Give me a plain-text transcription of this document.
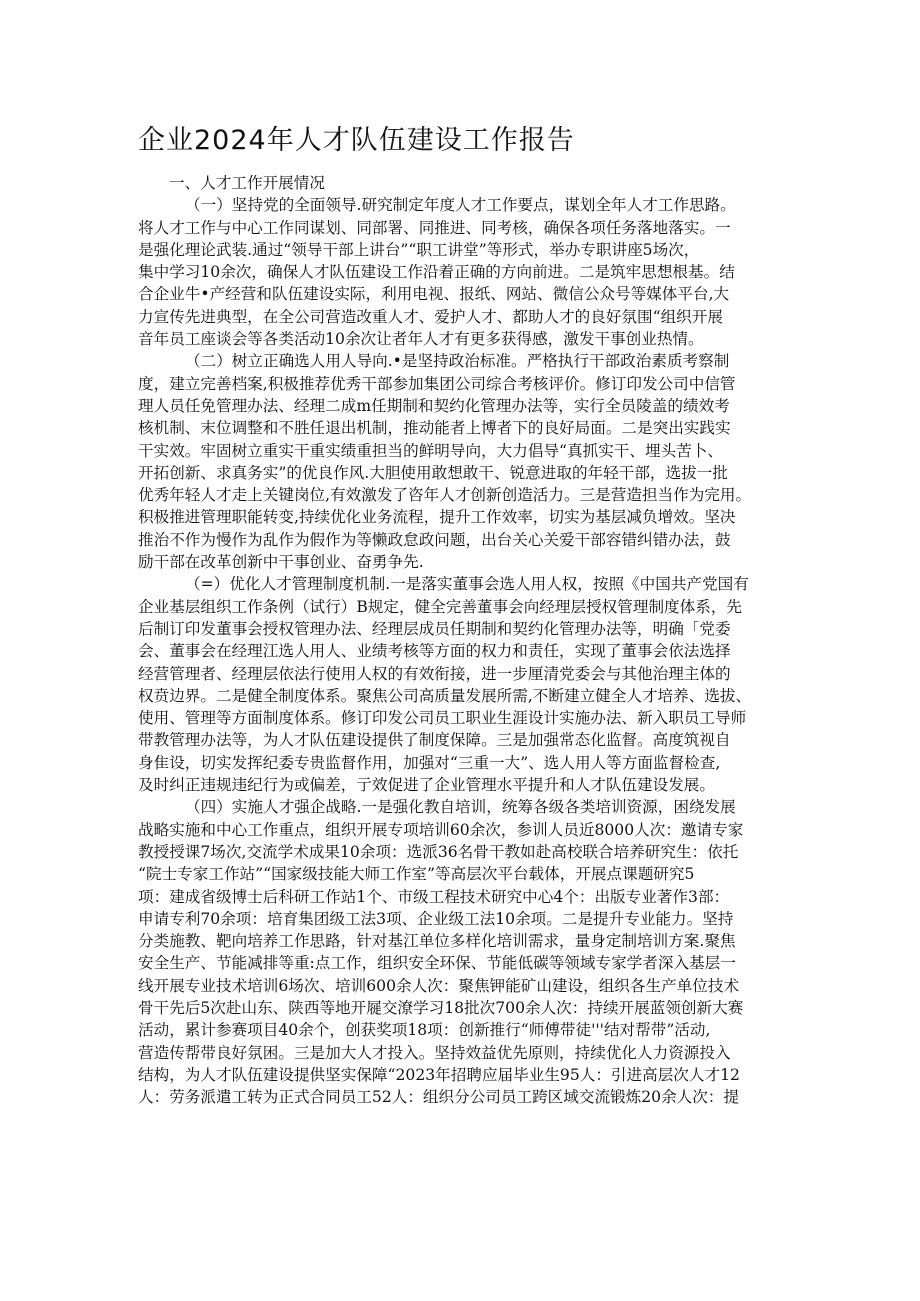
企业2024年人才队伍建设工作报告
一、人才工作开展情况
（一）坚持党的全面领导.研究制定年度人才工作要点，谋划全年人才工作思路。
将人才工作与中心工作同谋划、同部署、同推进、同考核，确保各项任务落地落实。一
是强化理论武装.通过“领导干部上讲台”“职工讲堂”等形式，举办专职讲座5场次，
集中学习10余次，确保人才队伍建设工作沿着正确的方向前进。二是筑牢思想根基。结
合企业牛•产经营和队伍建设实际，利用电视、报纸、网站、微信公众号等媒体平台,大
力宣传先进典型，在全公司营造改重人才、爱护人才、都助人才的良好氛围“组织开展
音年员工座谈会等各类活动10余次让者年人才有更多获得感，激发干事创业热情。
（二）树立正确选人用人导向.•是坚持政治标准。严格执行干部政治素质考察制
度，建立完善档案,积极推荐优秀干部参加集团公司综合考核评价。修订印发公司中信管
理人员任免管理办法、经理二成m任期制和契约化管理办法等，实行全员陵盖的绩效考
核机制、末位调整和不胜任退出机制，推动能者上博者下的良好局面。二是突出实践实
干实效。牢固树立重实干重实绩重担当的鲜明导向，大力倡导“真抓实干、埋头苦卜、
开拓创新、求真务实”的优良作风.大胆使用敢想敢干、锐意进取的年轻干部，选拔一批
优秀年轻人才走上关键岗位,有效激发了咨年人才创新创造活力。三是营造担当作为完用。
积极推进管理职能转变,持续优化业务流程，提升工作效率，切实为基层减负增效。坚决
推治不作为慢作为乱作为假作为等懒政怠政问题，出台关心关爱干部容错纠错办法，鼓
励干部在改革创新中干事创业、奋勇争先.
（=）优化人才管理制度机制.一是落实董事会选人用人权，按照《中国共产党国有
企业基层组织工作条例（试行）B规定，健全完善董事会向经理层授权管理制度体系，先
后制订印发董事会授权管理办法、经理层成员任期制和契约化管理办法等，明确「党委
会、董事会在经理江选人用人、业绩考核等方面的权力和责任，实现了董事会依法选择
经营管理者、经理层依法行使用人权的有效衔接，进一步厘清党委会与其他治理主体的
权贲边界。二是健全制度体系。聚焦公司高质量发展所需,不断建立健全人才培养、选拔、
使用、管理等方面制度体系。修订印发公司员工职业生涯设计实施办法、新入职员工导师
带教管理办法等，为人才队伍建设提供了制度保障。三是加强常态化监督。高度筑视自
身隹设，切实发挥纪委专贵监督作用，加强对“三重一大”、选人用人等方面监督检查,
及时纠正违规违纪行为或偏差，亍效促进了企业管理水平提升和人才队伍建设发展。
（四）实施人才强企战略.一是强化教自培训，统筹各级各类培训资源，困绕发展
战略实施和中心工作重点，组织开展专项培训60余次，参训人员近8000人次：邀请专家
教授授课7场次,交流学术成果10余项：选派36名骨干教如赴高校联合培养研究生：依托
“院士专家工作站”“国家级技能大师工作室”等高层次平台载体，开展点课题研究5
项：建成省级博士后科研工作站1个、市级工程技术研究中心4个：出版专业著作3部：
申请专利70余项：培育集团级工法3项、企业级工法10余项。二是提升专业能力。坚持
分类施教、靶向培养工作思路，针对基江单位多样化培训需求，量身定制培训方案.聚焦
安全生产、节能减排等重:点工作，组织安全环保、节能低碳等领域专家学者深入基层一
线开展专业技术培训6场次、培训600余人次：聚焦钾能矿山建设，组织各生产单位技术
骨干先后5次赴山东、陕西等地开屣交潦学习18批次700余人次：持续开展蓝领创新大赛
活动，累计参赛项目40余个，创获奖项18项：创新推行“师傅带徒'''结对帮带”活动,
营造传帮带良好氛困。三是加大人才投入。坚持效益优先原则，持续优化人力资源投入
结构，为人才队伍建设提供坚实保障“2023年招聘应届毕业生95人：引进高层次人才12
人：劳务派遣工转为正式合同员工52人：组织分公司员工跨区域交流锻炼20余人次：提
